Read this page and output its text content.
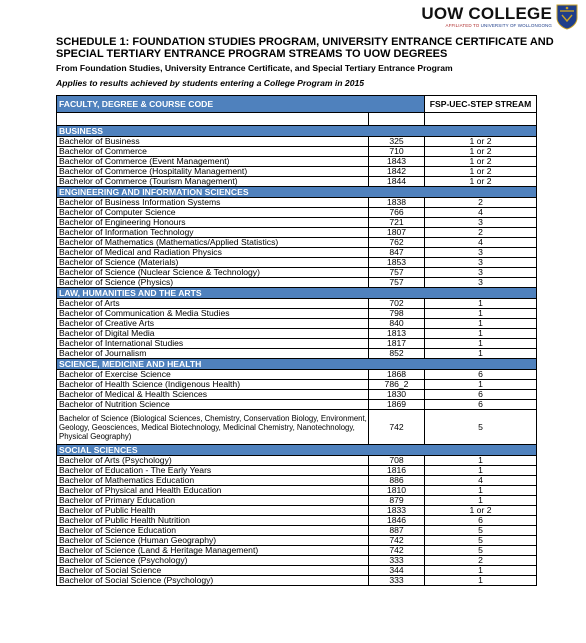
UOW COLLEGE
AFFILIATED TO UNIVERSITY OF WOLLONGONG
SCHEDULE 1: FOUNDATION STUDIES PROGRAM, UNIVERSITY ENTRANCE CERTIFICATE AND SPECIAL TERTIARY ENTRANCE PROGRAM STREAMS TO UOW DEGREES
From Foundation Studies, University Entrance Certificate, and Special Tertiary Entrance Program
Applies to results achieved by students entering a College Program in 2015
FACULTY, DEGREE & COURSE CODE		FSP-UEC-STEP STREAM

BUSINESS		
Bachelor of Business	325	1 or 2
Bachelor of Commerce	710	1 or 2
Bachelor of Commerce (Event Management)	1843	1 or 2
Bachelor of Commerce (Hospitality Management)	1842	1 or 2
Bachelor of Commerce (Tourism Management)	1844	1 or 2
ENGINEERING AND INFORMATION SCIENCES		
Bachelor of Business Information Systems	1838	2
Bachelor of Computer Science	766	4
Bachelor of Engineering Honours	721	3
Bachelor of Information Technology	1807	2
Bachelor of Mathematics (Mathematics/Applied Statistics)	762	4
Bachelor of Medical and Radiation Physics	847	3
Bachelor of Science (Materials)	1853	3
Bachelor of Science (Nuclear Science & Technology)	757	3
Bachelor of Science (Physics)	757	3
LAW, HUMANITIES AND THE ARTS		
Bachelor of Arts	702	1
Bachelor of Communication & Media Studies	798	1
Bachelor of Creative Arts	840	1
Bachelor of Digital Media	1813	1
Bachelor of International Studies	1817	1
Bachelor of Journalism	852	1
SCIENCE, MEDICINE AND HEALTH		
Bachelor of Exercise Science	1868	6
Bachelor of Health Science (Indigenous Health)	786_2	1
Bachelor of Medical & Health Sciences	1830	6
Bachelor of Nutrition Science	1869	6
Bachelor of Science (Biological Sciences, Chemistry, Conservation Biology, Environment, Geology, Geosciences, Medical Biotechnology, Medicinal Chemistry, Nanotechnology, Physical Geography)	742	5
SOCIAL SCIENCES		
Bachelor of Arts (Psychology)	708	1
Bachelor of Education - The Early Years	1816	1
Bachelor of Mathematics Education	886	4
Bachelor of Physical and Health Education	1810	1
Bachelor of Primary Education	879	1
Bachelor of Public Health	1833	1 or 2
Bachelor of Public Health Nutrition	1846	6
Bachelor of Science Education	887	5
Bachelor of Science (Human Geography)	742	5
Bachelor of Science (Land & Heritage Management)	742	5
Bachelor of Science (Psychology)	333	2
Bachelor of Social Science	344	1
Bachelor of Social Science (Psychology)	333	1
